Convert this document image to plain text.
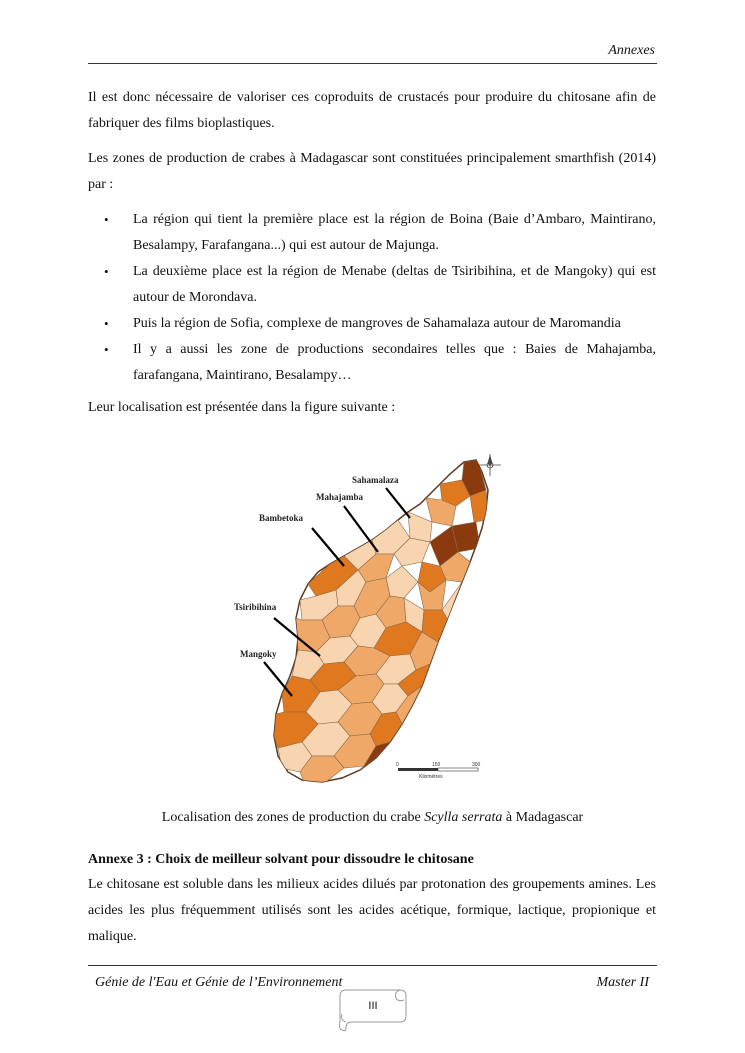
Annexes

Il est donc nécessaire de valoriser ces coproduits de crustacés pour produire du chitosane afin de fabriquer des films bioplastiques.

Les zones de production de crabes à Madagascar sont constituées principalement smarthfish (2014) par :

• La région qui tient la première place est la région de Boina (Baie d’Ambaro, Maintirano, Besalampy, Farafangana...) qui est autour de Majunga.
• La deuxième place est la région de Menabe (deltas de Tsiribihina, et de Mangoky) qui est autour de Morondava.
• Puis la région de Sofia, complexe de mangroves de Sahamalaza autour de Maromandia
• Il y a aussi les zone de productions secondaires telles que : Baies de Mahajamba, farafangana, Maintirano, Besalampy…

Leur localisation est présentée dans la figure suivante :

Sahamalaza
Mahajamba
Bambetoka
Tsiribihina
Mangoky
0	150	300
Kilomètres
Localisation des zones de production du crabe Scylla serrata à Madagascar
Annexe 3 : Choix de meilleur solvant pour dissoudre le chitosane

Le chitosane est soluble dans les milieux acides dilués par protonation des groupements amines. Les acides les plus fréquemment utilisés sont les acides acétique, formique, lactique, propionique et malique.

Génie de l'Eau et Génie de l’Environnement	Master II
III
